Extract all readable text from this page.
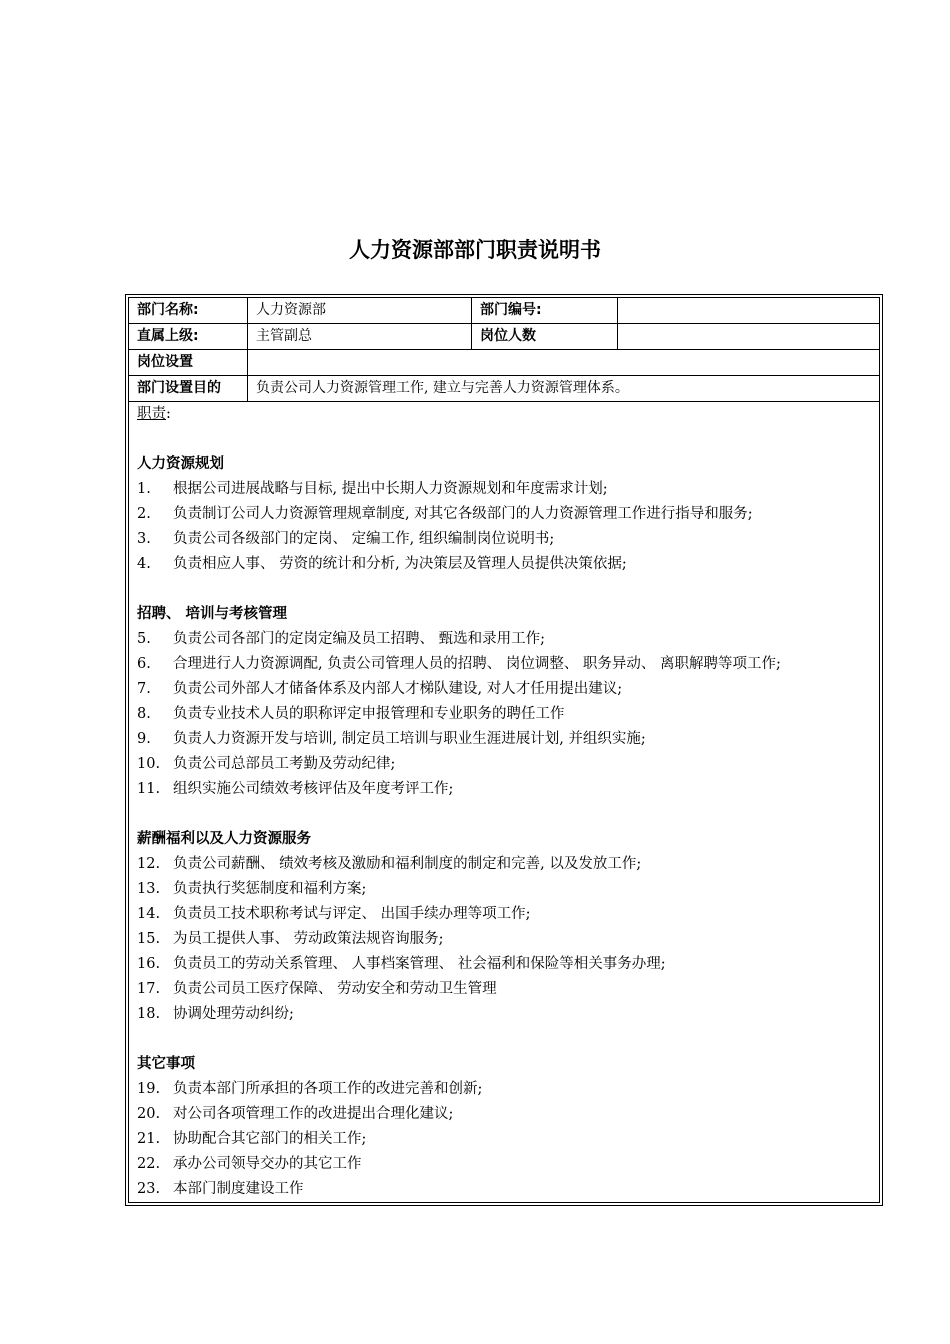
人力资源部部门职责说明书
部门名称:	人力资源部	部门编号:
直属上级:	主管副总	岗位人数
岗位设置
部门设置目的	负责公司人力资源管理工作, 建立与完善人力资源管理体系。
职责:
人力资源规划
1.	根据公司进展战略与目标, 提出中长期人力资源规划和年度需求计划;
2.	负责制订公司人力资源管理规章制度, 对其它各级部门的人力资源管理工作进行指导和服务;
3.	负责公司各级部门的定岗、 定编工作, 组织编制岗位说明书;
4.	负责相应人事、 劳资的统计和分析, 为决策层及管理人员提供决策依据;
招聘、 培训与考核管理
5.	负责公司各部门的定岗定编及员工招聘、 甄选和录用工作;
6.	合理进行人力资源调配, 负责公司管理人员的招聘、 岗位调整、 职务异动、 离职解聘等项工作;
7.	负责公司外部人才储备体系及内部人才梯队建设, 对人才任用提出建议;
8.	负责专业技术人员的职称评定申报管理和专业职务的聘任工作
9.	负责人力资源开发与培训, 制定员工培训与职业生涯进展计划, 并组织实施;
10. 负责公司总部员工考勤及劳动纪律;
11. 组织实施公司绩效考核评估及年度考评工作;
薪酬福利以及人力资源服务
12. 负责公司薪酬、 绩效考核及激励和福利制度的制定和完善, 以及发放工作;
13. 负责执行奖惩制度和福利方案;
14. 负责员工技术职称考试与评定、 出国手续办理等项工作;
15. 为员工提供人事、 劳动政策法规咨询服务;
16. 负责员工的劳动关系管理、 人事档案管理、 社会福利和保险等相关事务办理;
17. 负责公司员工医疗保障、 劳动安全和劳动卫生管理
18. 协调处理劳动纠纷;
其它事项
19. 负责本部门所承担的各项工作的改进完善和创新;
20. 对公司各项管理工作的改进提出合理化建议;
21. 协助配合其它部门的相关工作;
22. 承办公司领导交办的其它工作
23. 本部门制度建设工作
